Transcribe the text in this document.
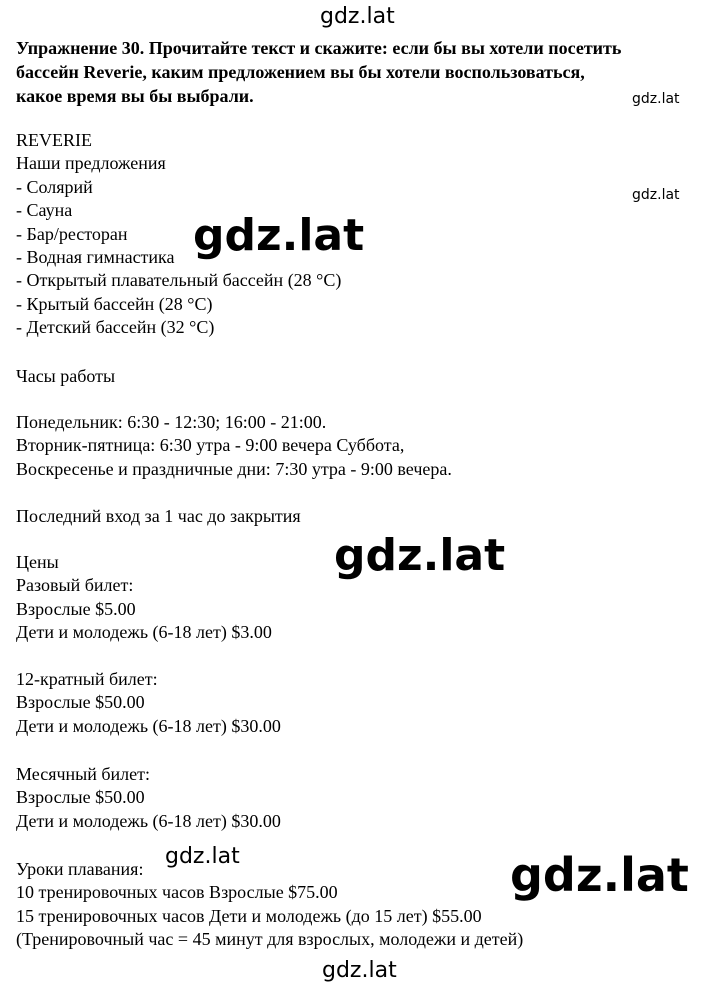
Упражнение 30. Прочитайте текст и скажите: если бы вы хотели посетить
бассейн Reverie, каким предложением вы бы хотели воспользоваться,
какое время вы бы выбрали.

REVERIE
Наши предложения
- Солярий
- Сауна
- Бар/ресторан
- Водная гимнастика
- Открытый плавательный бассейн (28 °C)
- Крытый бассейн (28 °C)
- Детский бассейн (32 °C)
Часы работы
Понедельник: 6:30 - 12:30; 16:00 - 21:00.
Вторник-пятница: 6:30 утра - 9:00 вечера Суббота,
Воскресенье и праздничные дни: 7:30 утра - 9:00 вечера.
Последний вход за 1 час до закрытия
Цены
Разовый билет:
Взрослые $5.00
Дети и молодежь (6-18 лет) $3.00
12-кратный билет:
Взрослые $50.00
Дети и молодежь (6-18 лет) $30.00
Месячный билет:
Взрослые $50.00
Дети и молодежь (6-18 лет) $30.00
Уроки плавания:
10 тренировочных часов Взрослые $75.00
15 тренировочных часов Дети и молодежь (до 15 лет) $55.00
(Тренировочный час = 45 минут для взрослых, молодежи и детей)
gdz.lat
gdz.lat
gdz.lat
gdz.lat
gdz.lat
gdz.lat	gdz.lat
gdz.lat
